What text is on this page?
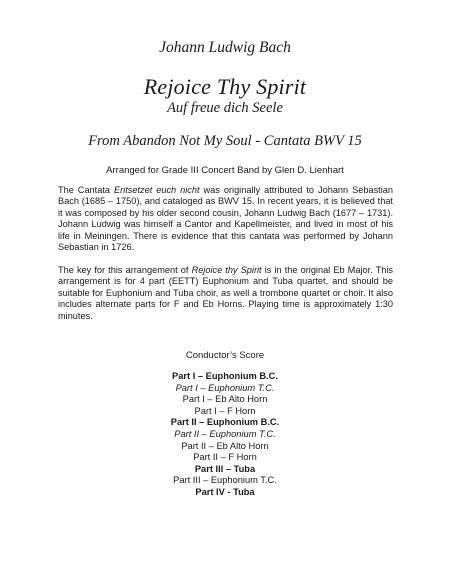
Johann Ludwig Bach
Rejoice Thy Spirit
Auf freue dich Seele
From Abandon Not My Soul - Cantata BWV 15
Arranged for Grade III Concert Band by Glen D. Lienhart

The Cantata Entsetzet euch nicht was originally attributed to Johann Sebastian Bach (1685 – 1750), and cataloged as BWV 15. In recent years, it is believed that it was composed by his older second cousin, Johann Ludwig Bach (1677 – 1731). Johann Ludwig was himself a Cantor and Kapellmeister, and lived in most of his life in Meiningen. There is evidence that this cantata was performed by Johann Sebastian in 1726.

The key for this arrangement of Rejoice thy Spirit is in the original Eb Major. This arrangement is for 4 part (EETT) Euphonium and Tuba quartet, and should be suitable for Euphonium and Tuba choir, as well a trombone quartet or choir. It also includes alternate parts for F and Eb Horns. Playing time is approximately 1:30 minutes.

Conductor’s Score
Part I – Euphonium B.C.
Part I – Euphonium T.C.
Part I – Eb Alto Horn
Part I – F Horn
Part II – Euphonium B.C.
Part II – Euphonium T.C.
Part II – Eb Alto Horn
Part II – F Horn
Part III – Tuba
Part III – Euphonium T.C.
Part IV - Tuba
